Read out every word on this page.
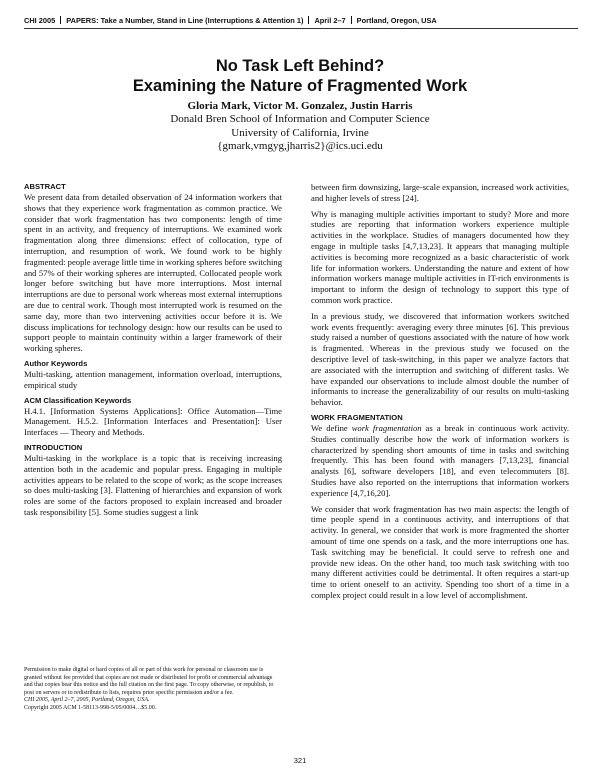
CHI 2005 PAPERS: Take a Number, Stand in Line (Interruptions & Attention 1) April 2–7 Portland, Oregon, USA
No Task Left Behind?
Examining the Nature of Fragmented Work
Gloria Mark, Victor M. Gonzalez, Justin Harris
Donald Bren School of Information and Computer Science
University of California, Irvine
{gmark,vmgyg,jharris2}@ics.uci.edu
ABSTRACT

We present data from detailed observation of 24 information workers that shows that they experience work fragmentation as common practice. We consider that work fragmentation has two components: length of time spent in an activity, and frequency of interruptions. We examined work fragmentation along three dimensions: effect of collocation, type of interruption, and resumption of work. We found work to be highly fragmented: people average little time in working spheres before switching and 57% of their working spheres are interrupted. Collocated people work longer before switching but have more interruptions. Most internal interruptions are due to personal work whereas most external interruptions are due to central work. Though most interrupted work is resumed on the same day, more than two intervening activities occur before it is. We discuss implications for technology design: how our results can be used to support people to maintain continuity within a larger framework of their working spheres.

Author Keywords

Multi-tasking, attention management, information overload, interruptions, empirical study

ACM Classification Keywords

H.4.1. [Information Systems Applications]: Office Automation—Time Management. H.5.2. [Information Interfaces and Presentation]: User Interfaces — Theory and Methods.

INTRODUCTION

Multi-tasking in the workplace is a topic that is receiving increasing attention both in the academic and popular press. Engaging in multiple activities appears to be related to the scope of work; as the scope increases so does multi-tasking [3]. Flattening of hierarchies and expansion of work roles are some of the factors proposed to explain increased and broader task responsibility [5]. Some studies suggest a link

Permission to make digital or hard copies of all or part of this work for personal or classroom use is granted without fee provided that copies are not made or distributed for profit or commercial advantage and that copies bear this notice and the full citation on the first page. To copy otherwise, or republish, to post on servers or to redistribute to lists, requires prior specific permission and/or a fee.
CHI 2005, April 2–7, 2005, Portland, Oregon, USA.
Copyright 2005 ACM 1-58113-998-5/05/0004…$5.00.

between firm downsizing, large-scale expansion, increased work activities, and higher levels of stress [24].

Why is managing multiple activities important to study? More and more studies are reporting that information workers experience multiple activities in the workplace. Studies of managers documented how they engage in multiple tasks [4,7,13,23]. It appears that managing multiple activities is becoming more recognized as a basic characteristic of work life for information workers. Understanding the nature and extent of how information workers manage multiple activities in IT-rich environments is important to inform the design of technology to support this type of common work practice.

In a previous study, we discovered that information workers switched work events frequently: averaging every three minutes [6]. This previous study raised a number of questions associated with the nature of how work is fragmented. Whereas in the previous study we focused on the descriptive level of task-switching, in this paper we analyze factors that are associated with the interruption and switching of different tasks. We have expanded our observations to include almost double the number of informants to increase the generalizability of our results on multi-tasking behavior.

WORK FRAGMENTATION

We define work fragmentation as a break in continuous work activity. Studies continually describe how the work of information workers is characterized by spending short amounts of time in tasks and switching frequently. This has been found with managers [7,13,23], financial analysts [6], software developers [18], and even telecommuters [8]. Studies have also reported on the interruptions that information workers experience [4,7,16,20].

We consider that work fragmentation has two main aspects: the length of time people spend in a continuous activity, and interruptions of that activity. In general, we consider that work is more fragmented the shorter amount of time one spends on a task, and the more interruptions one has. Task switching may be beneficial. It could serve to refresh one and provide new ideas. On the other hand, too much task switching with too many different activities could be detrimental. It often requires a start-up time to orient oneself to an activity. Spending too short of a time in a complex project could result in a low level of accomplishment.

321
